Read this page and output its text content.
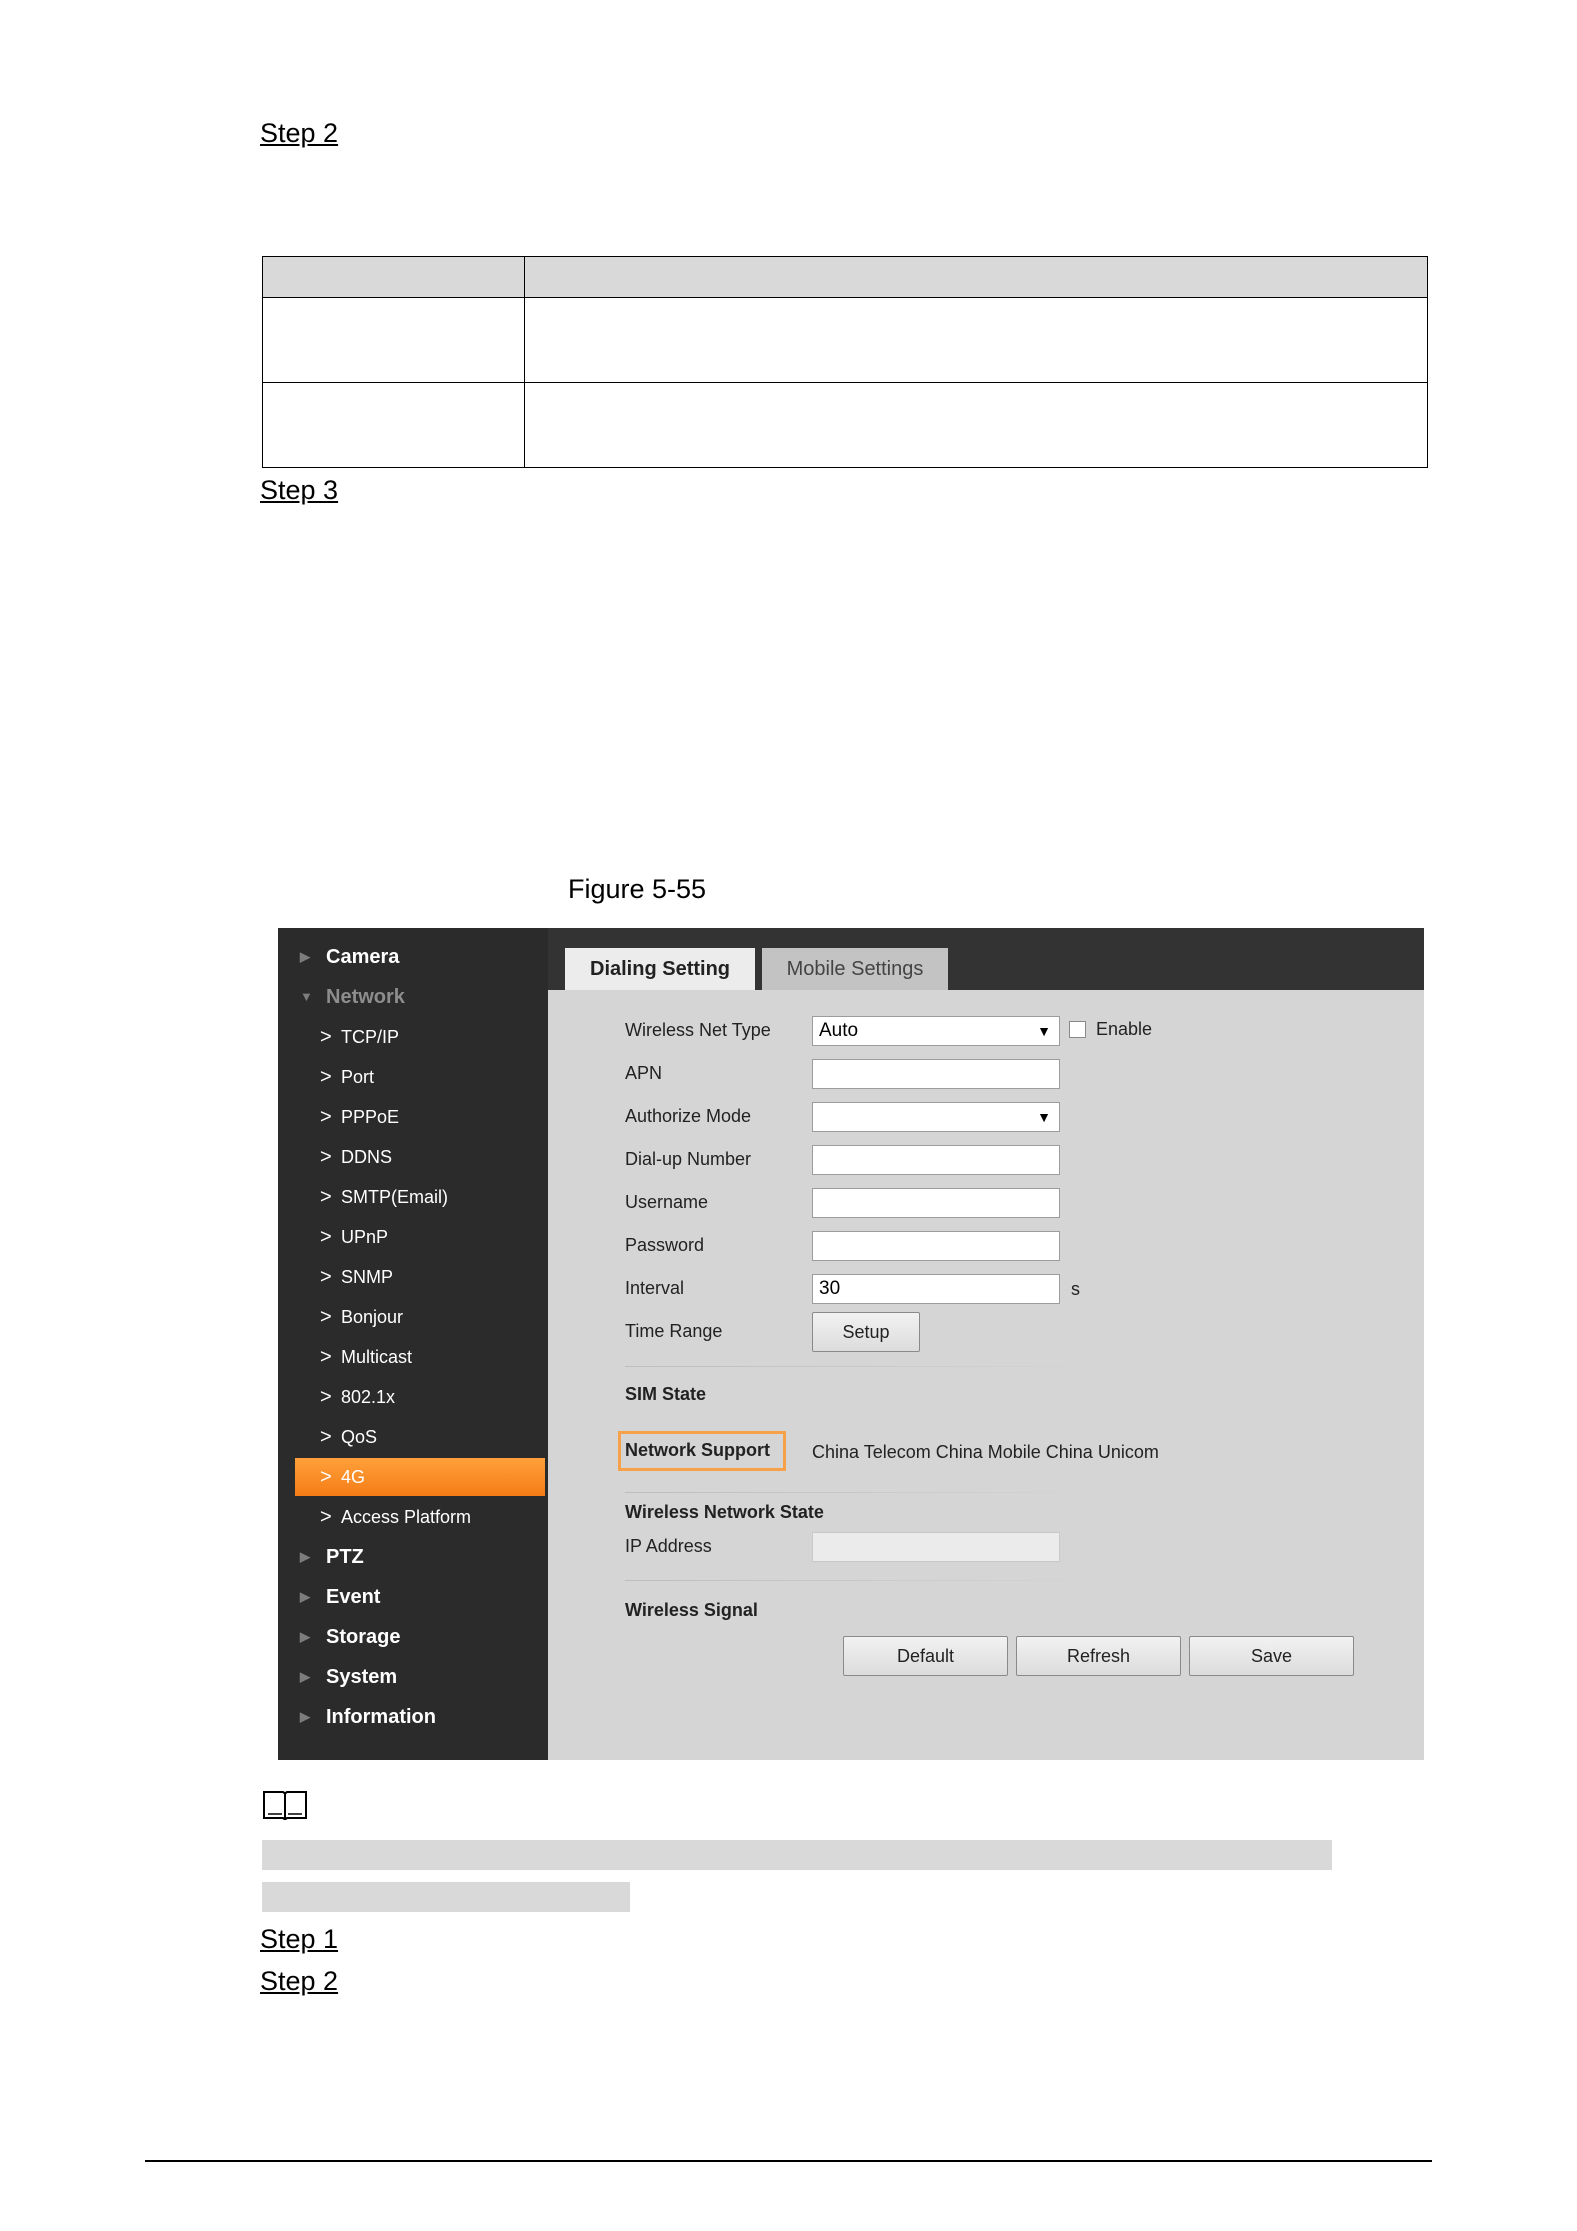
Step 2

Step 3
Figure 5-55
▶ Camera
▼ Network
> TCP/IP
> Port
> PPPoE
> DDNS
> SMTP(Email)
> UPnP
> SNMP
> Bonjour
> Multicast
> 802.1x
> QoS
> 4G
> Access Platform
▶ PTZ
▶ Event
▶ Storage
▶ System
▶ Information
Dialing Setting	Mobile Settings
Wireless Net Type	Auto	▼	Enable
APN
Authorize Mode	▼
Dial-up Number
Username
Password
Interval	30	s
Time Range	Setup
SIM State
Network Support China Telecom China Mobile China Unicom
Wireless Network State
IP Address
Wireless Signal
Default	Refresh	Save
Step 1
Step 2
